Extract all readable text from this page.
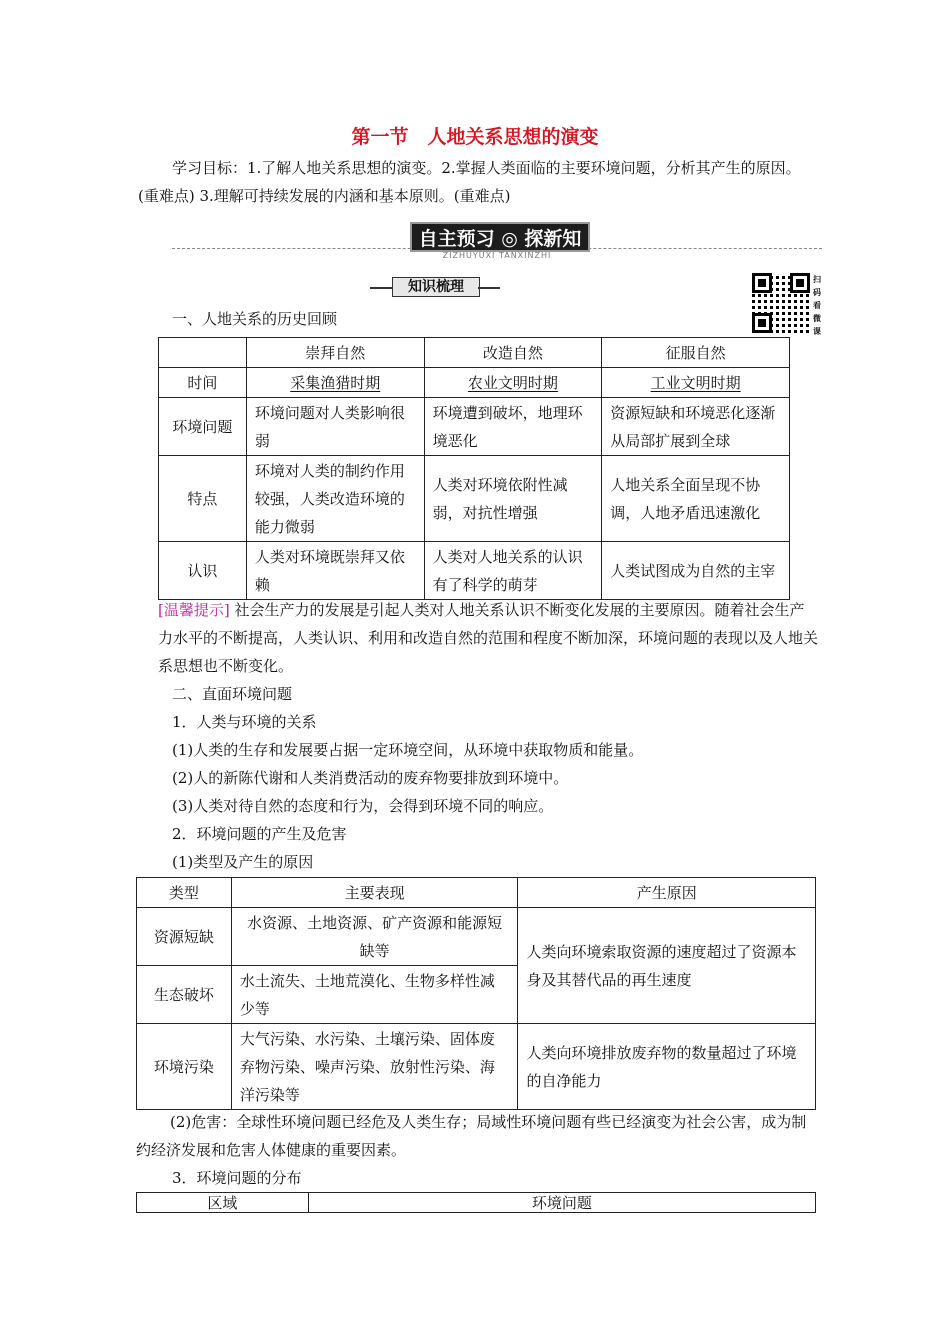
第一节　人地关系思想的演变
学习目标：1.了解人地关系思想的演变。2.掌握人类面临的主要环境问题，分析其产生的原因。(重难点) 3.理解可持续发展的内涵和基本原则。(重难点)
自主预习 ◎ 探新知
ZIZHUYUXI TANXINZHI
知识梳理	扫码看微课
一、人地关系的历史回顾
	崇拜自然	改造自然	征服自然
时间	采集渔猎时期	农业文明时期	工业文明时期
环境问题	环境问题对人类影响很弱	环境遭到破坏，地理环境恶化	资源短缺和环境恶化逐渐从局部扩展到全球
特点	环境对人类的制约作用较强，人类改造环境的能力微弱	人类对环境依附性减弱，对抗性增强	人地关系全面呈现不协调，人地矛盾迅速激化
认识	人类对环境既崇拜又依赖	人类对人地关系的认识有了科学的萌芽	人类试图成为自然的主宰
[温馨提示] 社会生产力的发展是引起人类对人地关系认识不断变化发展的主要原因。随着社会生产力水平的不断提高，人类认识、利用和改造自然的范围和程度不断加深，环境问题的表现以及人地关系思想也不断变化。
二、直面环境问题
1．人类与环境的关系
(1)人类的生存和发展要占据一定环境空间，从环境中获取物质和能量。
(2)人的新陈代谢和人类消费活动的废弃物要排放到环境中。
(3)人类对待自然的态度和行为，会得到环境不同的响应。
2．环境问题的产生及危害
(1)类型及产生的原因
类型	主要表现	产生原因
资源短缺	水资源、土地资源、矿产资源和能源短缺等	人类向环境索取资源的速度超过了资源本身及其替代品的再生速度
生态破坏	水土流失、土地荒漠化、生物多样性减少等	
环境污染	大气污染、水污染、土壤污染、固体废弃物污染、噪声污染、放射性污染、海洋污染等	人类向环境排放废弃物的数量超过了环境的自净能力
(2)危害：全球性环境问题已经危及人类生存；局域性环境问题有些已经演变为社会公害，成为制约经济发展和危害人体健康的重要因素。
3．环境问题的分布
区域	环境问题
